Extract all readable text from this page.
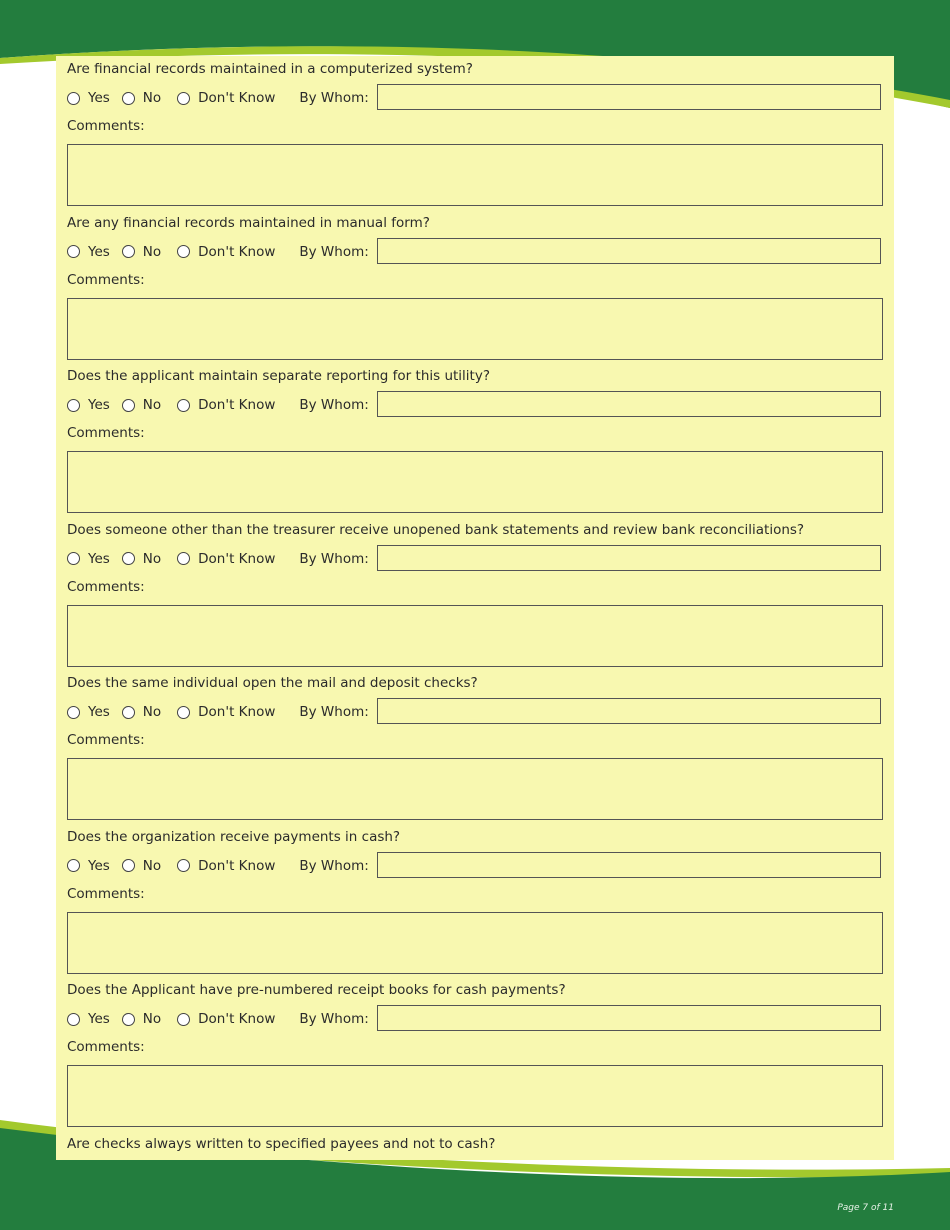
Are financial records maintained in a computerized system?
Yes No	Don't Know By Whom:
Comments:
Are any financial records maintained in manual form?
Yes No	Don't Know By Whom:
Comments:
Does the applicant maintain separate reporting for this utility?
Yes No	Don't Know By Whom:
Comments:
Does someone other than the treasurer receive unopened bank statements and review bank reconciliations?
Yes No	Don't Know By Whom:
Comments:
Does the same individual open the mail and deposit checks?
Yes No	Don't Know By Whom:
Comments:
Does the organization receive payments in cash?
Yes No	Don't Know By Whom:
Comments:
Does the Applicant have pre-numbered receipt books for cash payments?
Yes No	Don't Know By Whom:
Comments:
Are checks always written to specified payees and not to cash?
Page 7 of 11
